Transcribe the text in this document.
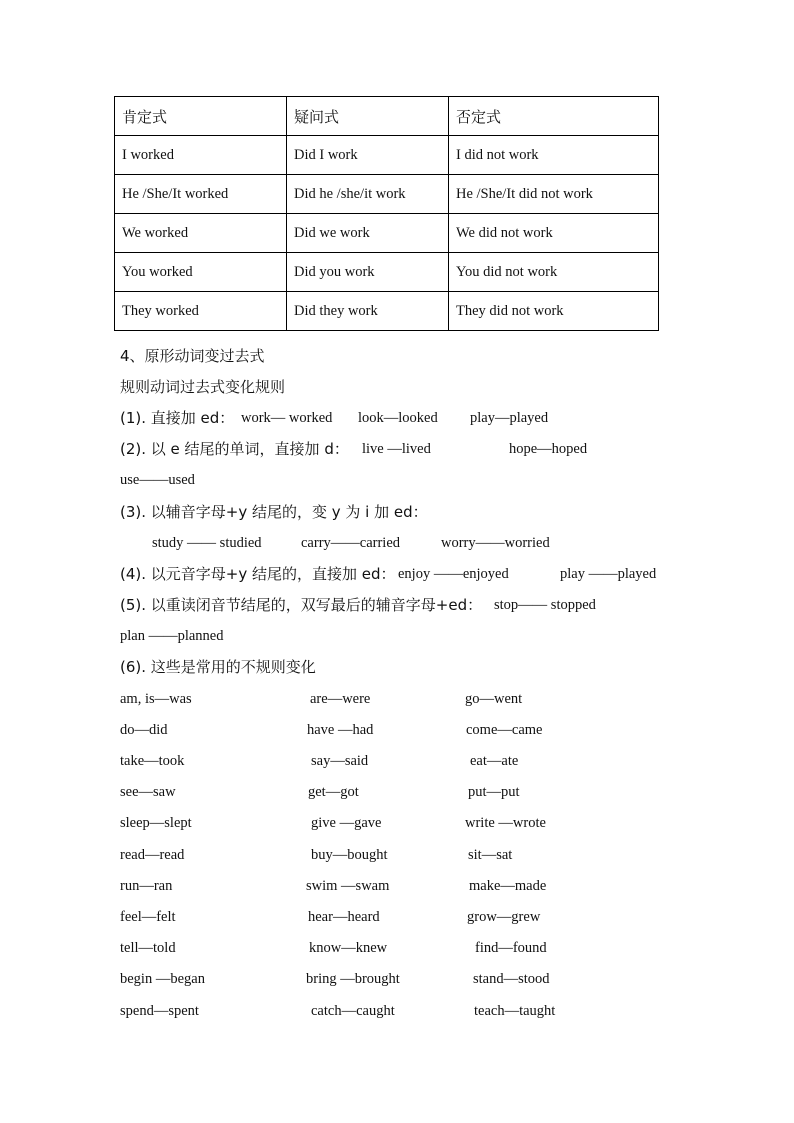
肯定式	疑问式	否定式
I worked	Did I work	I did not work
He /She/It worked	Did he /she/it work	He /She/It did not work
We worked	Did we work	We did not work
You worked	Did you work	You did not work
They worked	Did they work	They did not work
4、原形动词变过去式
规则动词过去式变化规则
(1). 直接加 ed： work— worked look—looked play—played
(2). 以 e 结尾的单词，直接加 d： live —lived	hope—hoped
use——used
(3). 以辅音字母+y 结尾的，变 y 为 i 加 ed：
study —— studied	carry——carried	worry——worried
(4). 以元音字母+y 结尾的，直接加 ed： enjoy ——enjoyed	play ——played
(5). 以重读闭音节结尾的，双写最后的辅音字母+ed： stop—— stopped
plan ——planned
(6). 这些是常用的不规则变化
am, is—was	are—were	go—went
do—did	have —had	come—came
take—took	say—said	eat—ate
see—saw	get—got	put—put
sleep—slept	give —gave	write —wrote
read—read	buy—bought	sit—sat
run—ran	swim —swam	make—made
feel—felt	hear—heard	grow—grew
tell—told	know—knew	find—found
begin —began	bring —brought	stand—stood
spend—spent	catch—caught	teach—taught
